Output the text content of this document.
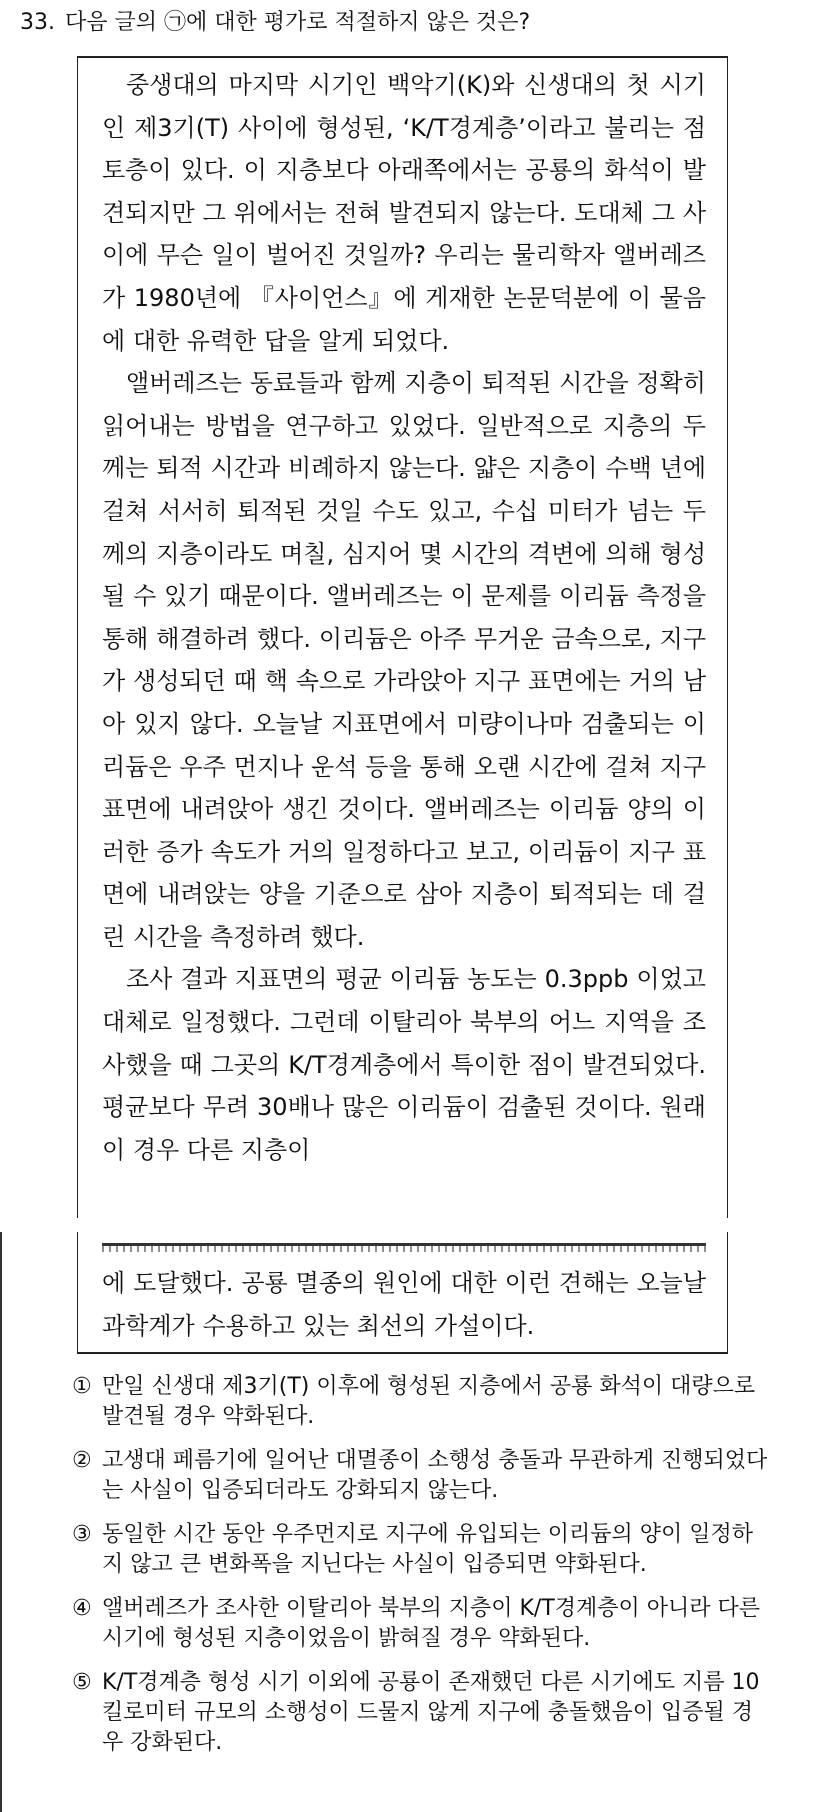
33. 다음 글의 ㉠에 대한 평가로 적절하지 않은 것은?

중생대의 마지막 시기인 백악기(K)와 신생대의 첫 시기인 제3기(T) 사이에 형성된, ‘K/T경계층’이라고 불리는 점토층이 있다. 이 지층보다 아래쪽에서는 공룡의 화석이 발견되지만 그 위에서는 전혀 발견되지 않는다. 도대체 그 사이에 무슨 일이 벌어진 것일까? 우리는 물리학자 앨버레즈가 1980년에 『사이언스』에 게재한 논문덕분에 이 물음에 대한 유력한 답을 알게 되었다.

앨버레즈는 동료들과 함께 지층이 퇴적된 시간을 정확히 읽어내는 방법을 연구하고 있었다. 일반적으로 지층의 두께는 퇴적 시간과 비례하지 않는다. 얇은 지층이 수백 년에 걸쳐 서서히 퇴적된 것일 수도 있고, 수십 미터가 넘는 두께의 지층이라도 며칠, 심지어 몇 시간의 격변에 의해 형성될 수 있기 때문이다. 앨버레즈는 이 문제를 이리듐 측정을 통해 해결하려 했다. 이리듐은 아주 무거운 금속으로, 지구가 생성되던 때 핵 속으로 가라앉아 지구 표면에는 거의 남아 있지 않다. 오늘날 지표면에서 미량이나마 검출되는 이리듐은 우주 먼지나 운석 등을 통해 오랜 시간에 걸쳐 지구 표면에 내려앉아 생긴 것이다. 앨버레즈는 이리듐 양의 이러한 증가 속도가 거의 일정하다고 보고, 이리듐이 지구 표면에 내려앉는 양을 기준으로 삼아 지층이 퇴적되는 데 걸린 시간을 측정하려 했다.

조사 결과 지표면의 평균 이리듐 농도는 0.3ppb 이었고 대체로 일정했다. 그런데 이탈리아 북부의 어느 지역을 조사했을 때 그곳의 K/T경계층에서 특이한 점이 발견되었다. 평균보다 무려 30배나 많은 이리듐이 검출된 것이다. 원래 이 경우 다른 지층이

에 도달했다. 공룡 멸종의 원인에 대한 이런 견해는 오늘날 과학계가 수용하고 있는 최선의 가설이다.
① 만일 신생대 제3기(T) 이후에 형성된 지층에서 공룡 화석이 대량으로 발견될 경우 약화된다.
② 고생대 페름기에 일어난 대멸종이 소행성 충돌과 무관하게 진행되었다는 사실이 입증되더라도 강화되지 않는다.
③ 동일한 시간 동안 우주먼지로 지구에 유입되는 이리듐의 양이 일정하지 않고 큰 변화폭을 지닌다는 사실이 입증되면 약화된다.
④ 앨버레즈가 조사한 이탈리아 북부의 지층이 K/T경계층이 아니라 다른 시기에 형성된 지층이었음이 밝혀질 경우 약화된다.
⑤ K/T경계층 형성 시기 이외에 공룡이 존재했던 다른 시기에도 지름 10킬로미터 규모의 소행성이 드물지 않게 지구에 충돌했음이 입증될 경우 강화된다.
